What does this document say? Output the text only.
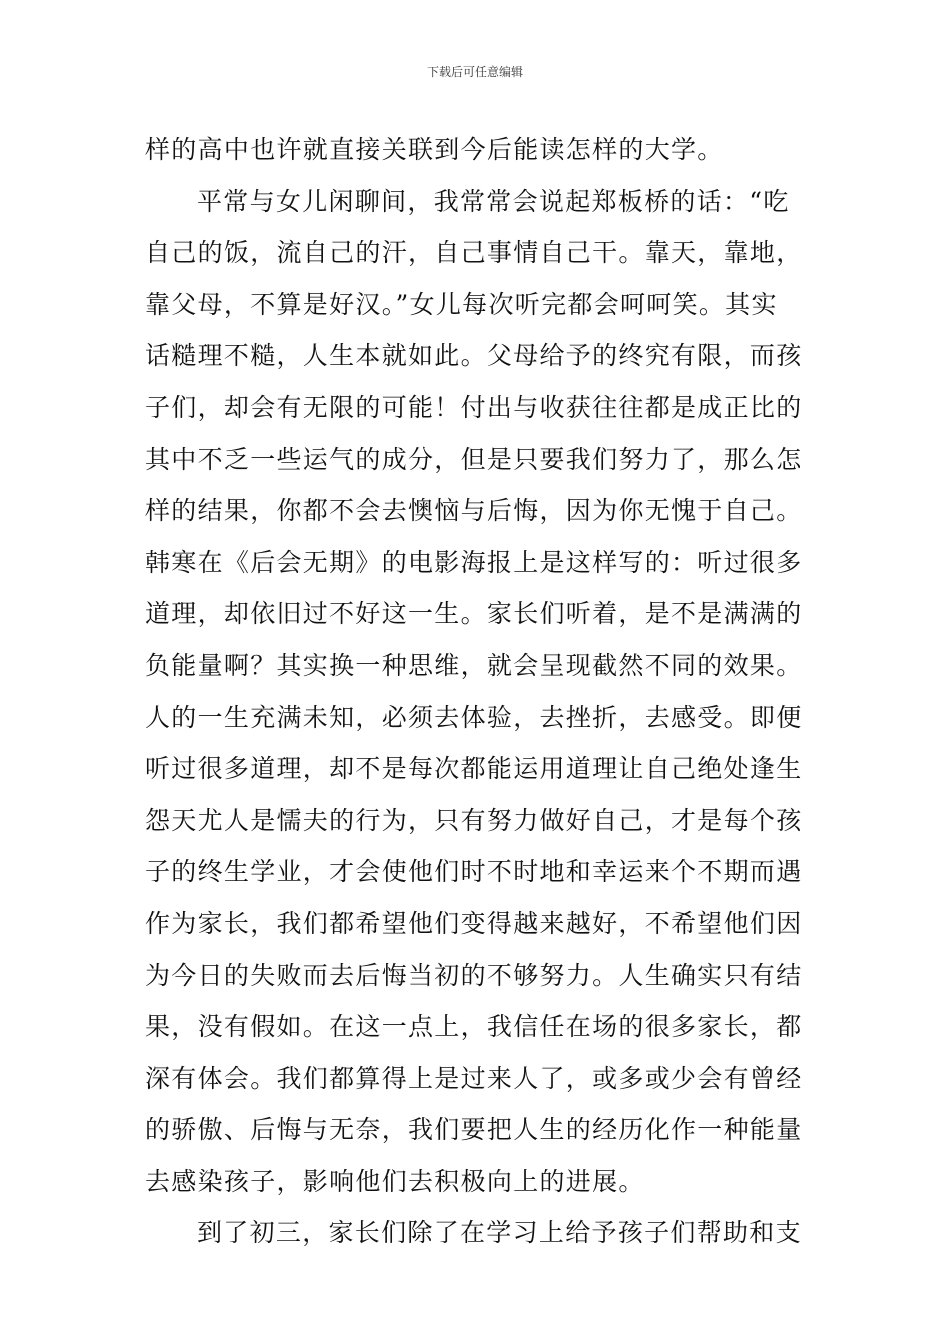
下载后可任意编辑
样的高中也许就直接关联到今后能读怎样的大学。
平常与女儿闲聊间，我常常会说起郑板桥的话：“吃
自己的饭，流自己的汗，自己事情自己干。靠天，靠地，
靠父母，不算是好汉。”女儿每次听完都会呵呵笑。其实
话糙理不糙，人生本就如此。父母给予的终究有限，而孩
子们，却会有无限的可能！付出与收获往往都是成正比的
其中不乏一些运气的成分，但是只要我们努力了，那么怎
样的结果，你都不会去懊恼与后悔，因为你无愧于自己。
韩寒在《后会无期》的电影海报上是这样写的：听过很多
道理，却依旧过不好这一生。家长们听着，是不是满满的
负能量啊？其实换一种思维，就会呈现截然不同的效果。
人的一生充满未知，必须去体验，去挫折，去感受。即便
听过很多道理，却不是每次都能运用道理让自己绝处逢生
怨天尤人是懦夫的行为，只有努力做好自己，才是每个孩
子的终生学业，才会使他们时不时地和幸运来个不期而遇
作为家长，我们都希望他们变得越来越好，不希望他们因
为今日的失败而去后悔当初的不够努力。人生确实只有结
果，没有假如。在这一点上，我信任在场的很多家长，都
深有体会。我们都算得上是过来人了，或多或少会有曾经
的骄傲、后悔与无奈，我们要把人生的经历化作一种能量
去感染孩子，影响他们去积极向上的进展。
到了初三，家长们除了在学习上给予孩子们帮助和支
